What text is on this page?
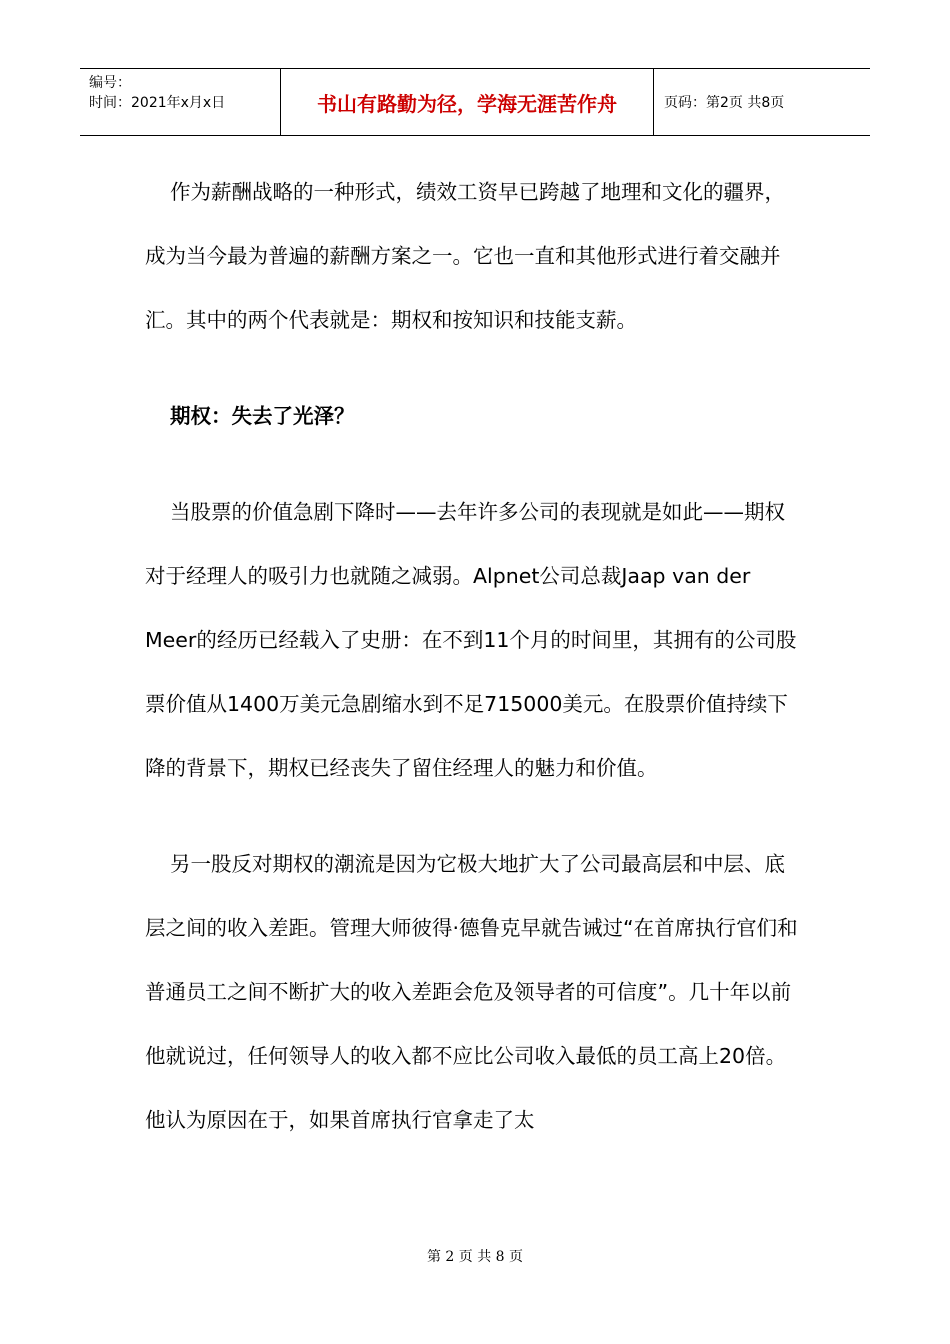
编号：
时间：2021年x月x日	书山有路勤为径，学海无涯苦作舟	页码：第2页 共8页

作为薪酬战略的一种形式，绩效工资早已跨越了地理和文化的疆界，成为当今最为普遍的薪酬方案之一。它也一直和其他形式进行着交融并汇。其中的两个代表就是：期权和按知识和技能支薪。

期权：失去了光泽？

当股票的价值急剧下降时——去年许多公司的表现就是如此——期权对于经理人的吸引力也就随之减弱。Alpnet公司总裁Jaap van der Meer的经历已经载入了史册：在不到11个月的时间里，其拥有的公司股票价值从1400万美元急剧缩水到不足715000美元。在股票价值持续下降的背景下，期权已经丧失了留住经理人的魅力和价值。

另一股反对期权的潮流是因为它极大地扩大了公司最高层和中层、底层之间的收入差距。管理大师彼得·德鲁克早就告诫过“在首席执行官们和普通员工之间不断扩大的收入差距会危及领导者的可信度”。几十年以前他就说过，任何领导人的收入都不应比公司收入最低的员工高上20倍。他认为原因在于，如果首席执行官拿走了太

第 2 页 共 8 页
